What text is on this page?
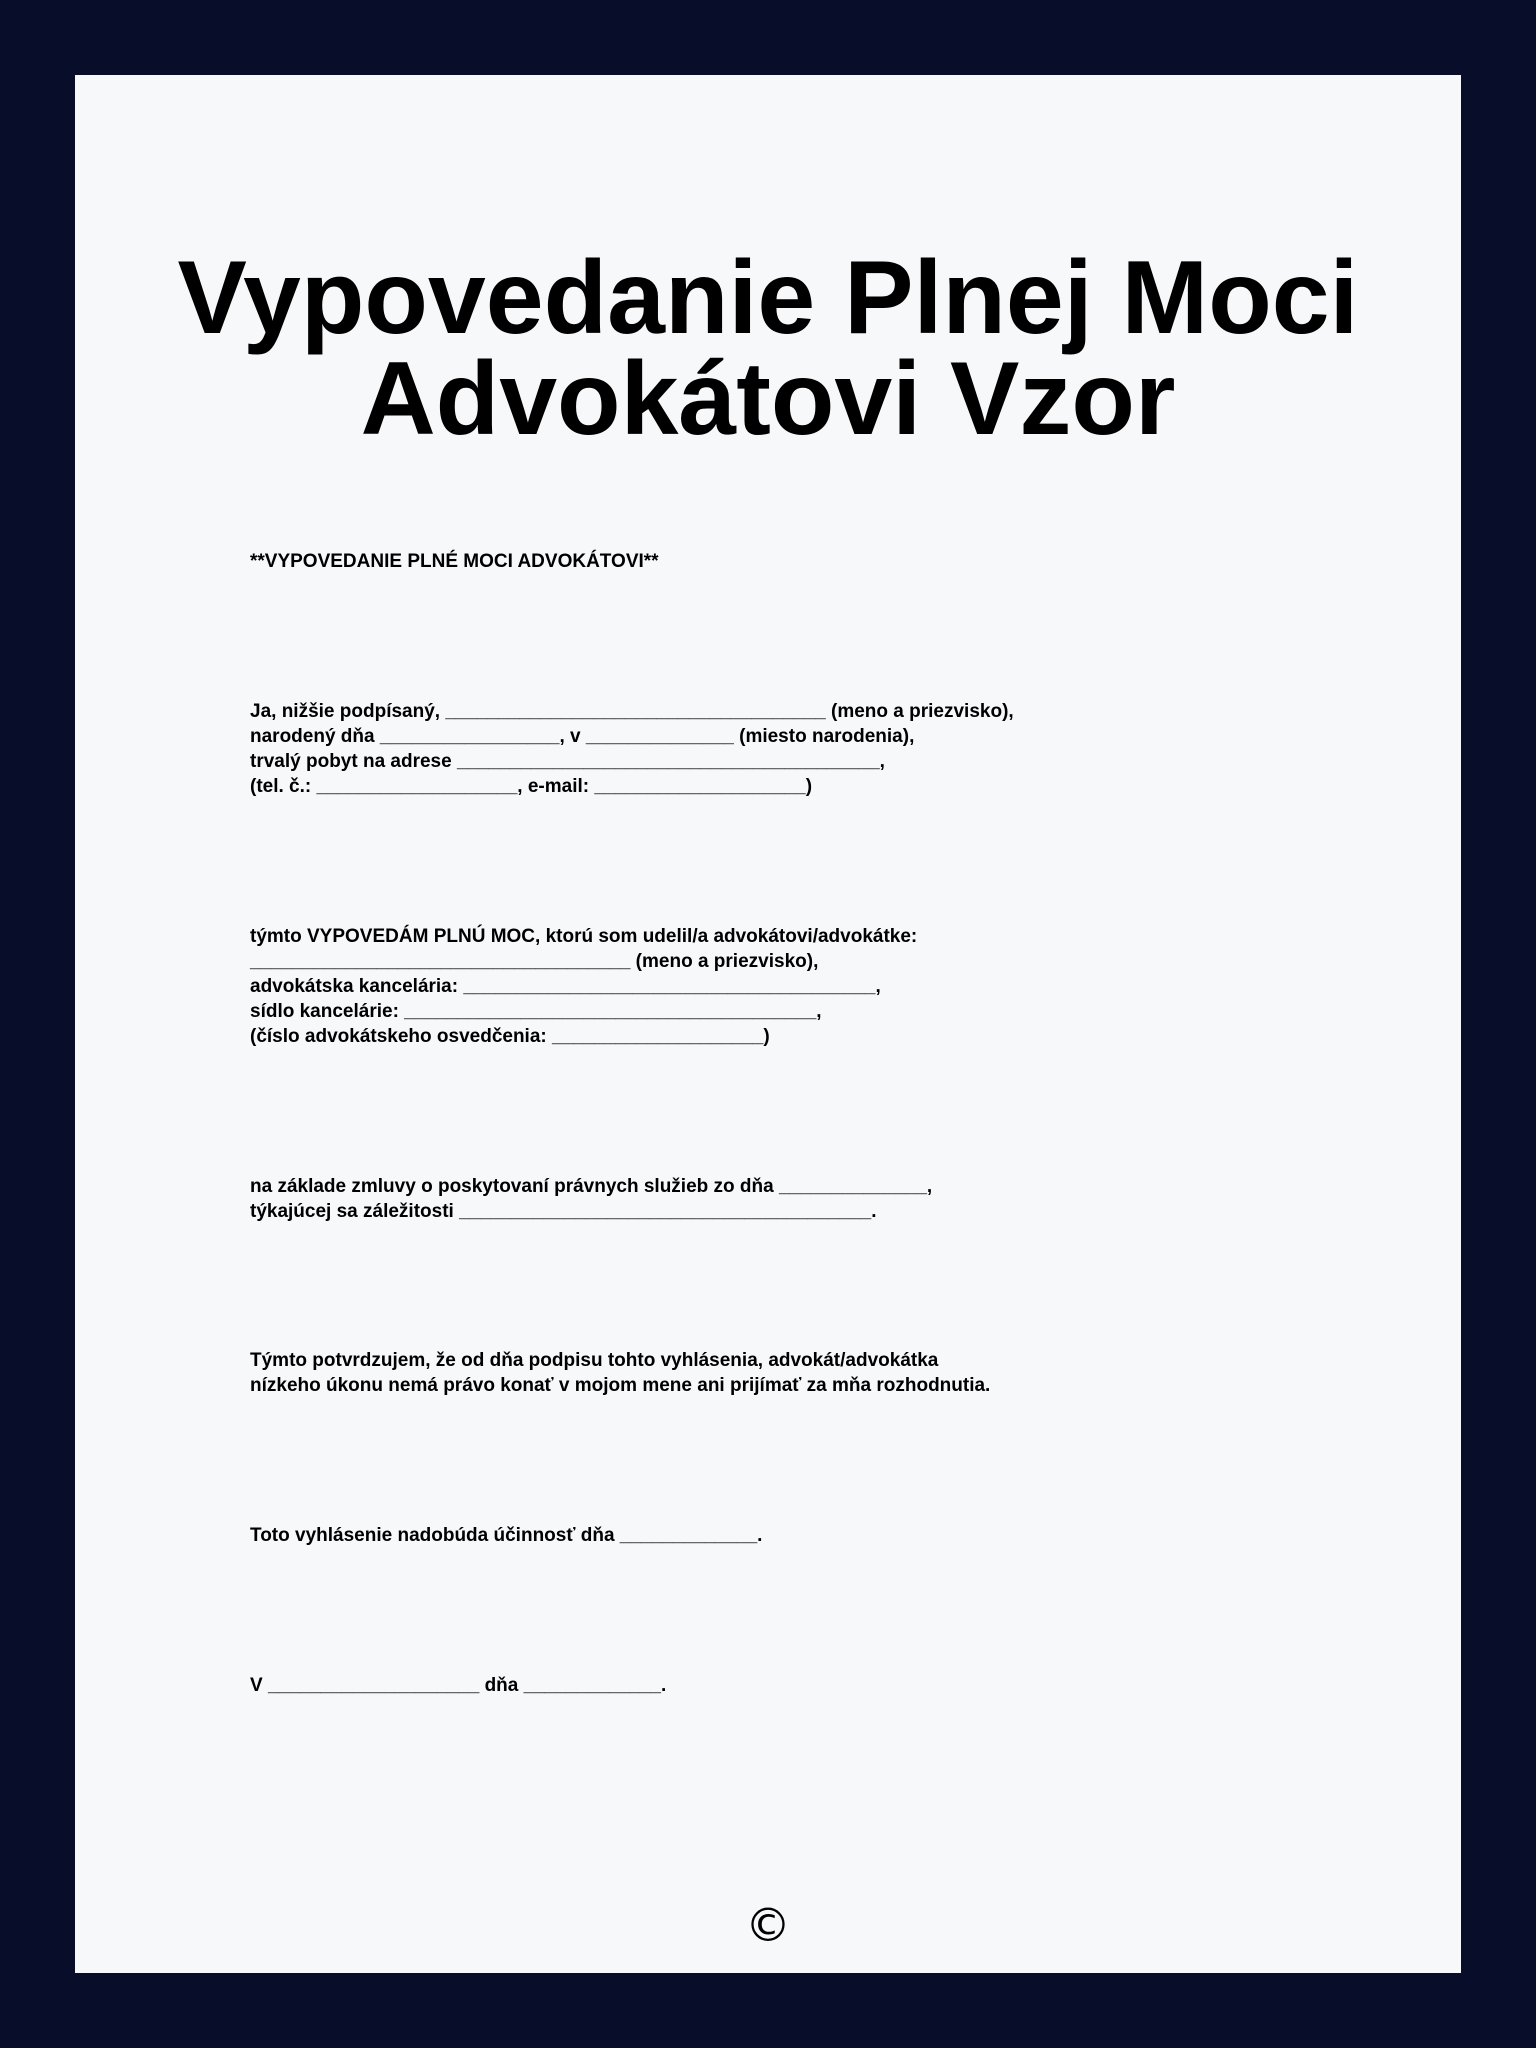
Vypovedanie Plnej Moci
Advokátovi Vzor
**VYPOVEDANIE PLNÉ MOCI ADVOKÁTOVI**
Ja, nižšie podpísaný, ____________________________________ (meno a priezvisko),
narodený dňa _________________, v ______________ (miesto narodenia),
trvalý pobyt na adrese ________________________________________,
(tel. č.: ___________________, e-mail: ____________________)
týmto VYPOVEDÁM PLNÚ MOC, ktorú som udelil/a advokátovi/advokátke:
____________________________________ (meno a priezvisko),
advokátska kancelária: _______________________________________,
sídlo kancelárie: _______________________________________,
(číslo advokátskeho osvedčenia: ____________________)
na základe zmluvy o poskytovaní právnych služieb zo dňa ______________,
týkajúcej sa záležitosti _______________________________________.
Týmto potvrdzujem, že od dňa podpisu tohto vyhlásenia, advokát/advokátka
nízkeho úkonu nemá právo konať v mojom mene ani prijímať za mňa rozhodnutia.
Toto vyhlásenie nadobúda účinnosť dňa _____________.
V ____________________ dňa _____________.
©
